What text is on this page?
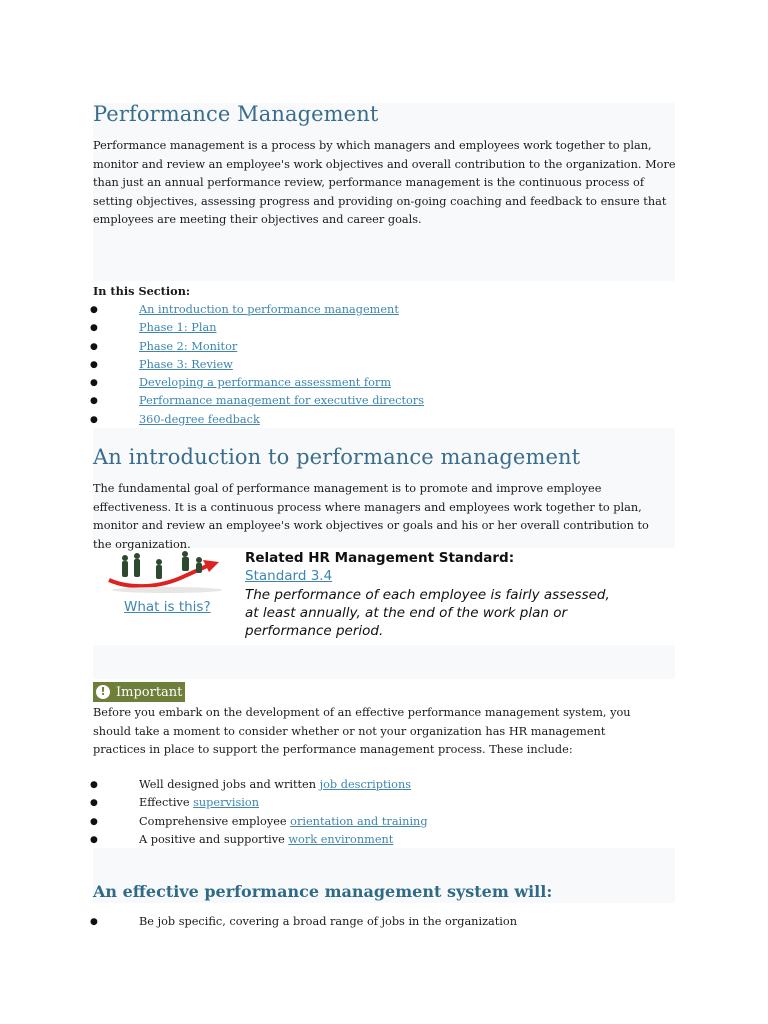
Performance Management

Performance management is a process by which managers and employees work together to plan, monitor and review an employee's work objectives and overall contribution to the organization. More than just an annual performance review, performance management is the continuous process of setting objectives, assessing progress and providing on-going coaching and feedback to ensure that employees are meeting their objectives and career goals.

In this Section:
●	An introduction to performance management
●	Phase 1: Plan
●	Phase 2: Monitor
●	Phase 3: Review
●	Developing a performance assessment form
●	Performance management for executive directors
●	360-degree feedback
An introduction to performance management

The fundamental goal of performance management is to promote and improve employee effectiveness. It is a continuous process where managers and employees work together to plan, monitor and review an employee's work objectives or goals and his or her overall contribution to the organization.

What is this?
Related HR Management Standard:
Standard 3.4
The performance of each employee is fairly assessed, at least annually, at the end of the work plan or performance period.
! Important

Before you embark on the development of an effective performance management system, you should take a moment to consider whether or not your organization has HR management practices in place to support the performance management process. These include:

●	Well designed jobs and written job descriptions
●	Effective supervision
●	Comprehensive employee orientation and training
●	A positive and supportive work environment
An effective performance management system will:
●	Be job specific, covering a broad range of jobs in the organization
